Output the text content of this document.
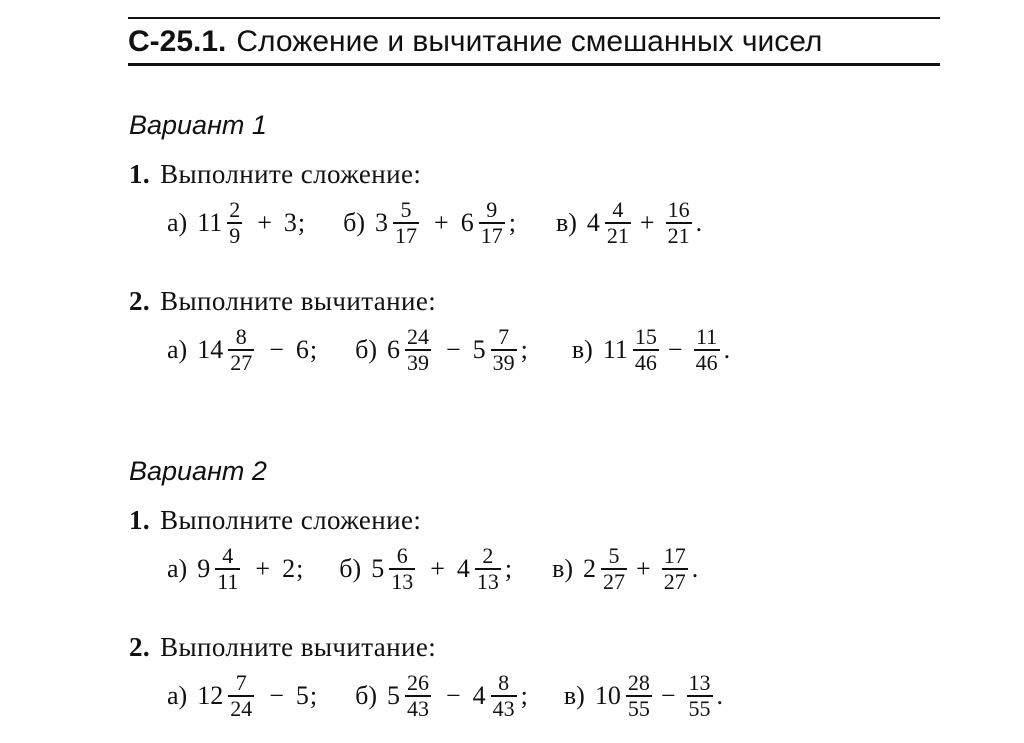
С-25.1. Сложение и вычитание смешанных чисел
Вариант 1
1. Выполните сложение:
а) $11 \frac{2}{9} + 3$ ; б) $3 \frac{5}{17} + 6 \frac{9}{17}$ ; в) $4 \frac{4}{21} + \frac{16}{21}$ .
2. Выполните вычитание:
а) $14 \frac{8}{27} - 6$ ; б) $6 \frac{24}{39} - 5 \frac{7}{39}$ ; в) $11 \frac{15}{46} - \frac{11}{46}$ .
Вариант 2
1. Выполните сложение:
а) $9 \frac{4}{11} + 2$ ; б) $5 \frac{6}{13} + 4 \frac{2}{13}$ ; в) $2 \frac{5}{27} + \frac{17}{27}$ .
2. Выполните вычитание:
а) $12 \frac{7}{24} - 5$ ; б) $5 \frac{26}{43} - 4 \frac{8}{43}$ ; в) $10 \frac{28}{55} - \frac{13}{55}$ .
